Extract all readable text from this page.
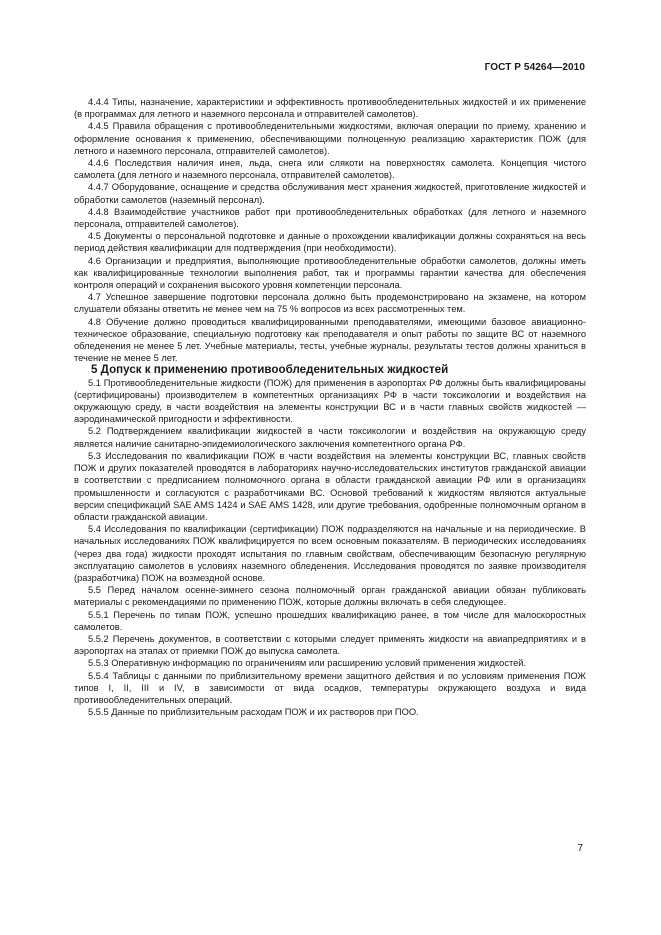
ГОСТ Р 54264—2010

4.4.4 Типы, назначение, характеристики и эффективность противообледенительных жидкостей и их применение (в программах для летного и наземного персонала и отправителей самолетов).

4.4.5 Правила обращения с противообледенительными жидкостями, включая операции по приему, хранению и оформление основания к применению, обеспечивающими полноценную реализацию характеристик ПОЖ (для летного и наземного персонала, отправителей самолетов).

4.4.6 Последствия наличия инея, льда, снега или слякоти на поверхностях самолета. Концепция чистого самолета (для летного и наземного персонала, отправителей самолетов).

4.4.7 Оборудование, оснащение и средства обслуживания мест хранения жидкостей, приготовление жидкостей и обработки самолетов (наземный персонал).

4.4.8 Взаимодействие участников работ при противообледенительных обработках (для летного и наземного персонала, отправителей самолетов).

4.5 Документы о персональной подготовке и данные о прохождении квалификации должны сохраняться на весь период действия квалификации для подтверждения (при необходимости).

4.6 Организации и предприятия, выполняющие противообледенительные обработки самолетов, должны иметь как квалифицированные технологии выполнения работ, так и программы гарантии качества для обеспечения контроля операций и сохранения высокого уровня компетенции персонала.

4.7 Успешное завершение подготовки персонала должно быть продемонстрировано на экзамене, на котором слушатели обязаны ответить не менее чем на 75 % вопросов из всех рассмотренных тем.

4.8 Обучение должно проводиться квалифицированными преподавателями, имеющими базовое авиационно-техническое образование, специальную подготовку как преподавателя и опыт работы по защите ВС от наземного обледенения не менее 5 лет. Учебные материалы, тесты, учебные журналы, результаты тестов должны храниться в течение не менее 5 лет.

5 Допуск к применению противообледенительных жидкостей

5.1 Противообледенительные жидкости (ПОЖ) для применения в аэропортах РФ должны быть квалифицированы (сертифицированы) производителем в компетентных организациях РФ в части токсикологии и воздействия на окружающую среду, в части воздействия на элементы конструкции ВС и в части главных свойств жидкостей — аэродинамической пригодности и эффективности.

5.2 Подтверждением квалификации жидкостей в части токсикологии и воздействия на окружающую среду является наличие санитарно-эпидемиологического заключения компетентного органа РФ.

5.3 Исследования по квалификации ПОЖ в части воздействия на элементы конструкции ВС, главных свойств ПОЖ и других показателей проводятся в лабораториях научно-исследовательских институтов гражданской авиации в соответствии с предписанием полномочного органа в области гражданской авиации РФ или в организациях промышленности и согласуются с разработчиками ВС. Основой требований к жидкостям являются актуальные версии спецификаций SAE AMS 1424 и SAE AMS 1428, или другие требования, одобренные полномочным органом в области гражданской авиации.

5.4 Исследования по квалификации (сертификации) ПОЖ подразделяются на начальные и на периодические. В начальных исследованиях ПОЖ квалифицируется по всем основным показателям. В периодических исследованиях (через два года) жидкости проходят испытания по главным свойствам, обеспечивающим безопасную регулярную эксплуатацию самолетов в условиях наземного обледенения. Исследования проводятся по заявке производителя (разработчика) ПОЖ на возмездной основе.

5.5 Перед началом осенне-зимнего сезона полномочный орган гражданской авиации обязан публиковать материалы с рекомендациями по применению ПОЖ, которые должны включать в себя следующее.

5.5.1 Перечень по типам ПОЖ, успешно прошедших квалификацию ранее, в том числе для малоскоростных самолетов.

5.5.2 Перечень документов, в соответствии с которыми следует применять жидкости на авиапредприятиях и в аэропортах на этапах от приемки ПОЖ до выпуска самолета.

5.5.3 Оперативную информацию по ограничениям или расширению условий применения жидкостей.

5.5.4 Таблицы с данными по приблизительному времени защитного действия и по условиям применения ПОЖ типов I, II, III и IV, в зависимости от вида осадков, температуры окружающего воздуха и вида противообледенительных операций.

5.5.5 Данные по приблизительным расходам ПОЖ и их растворов при ПОО.

7
